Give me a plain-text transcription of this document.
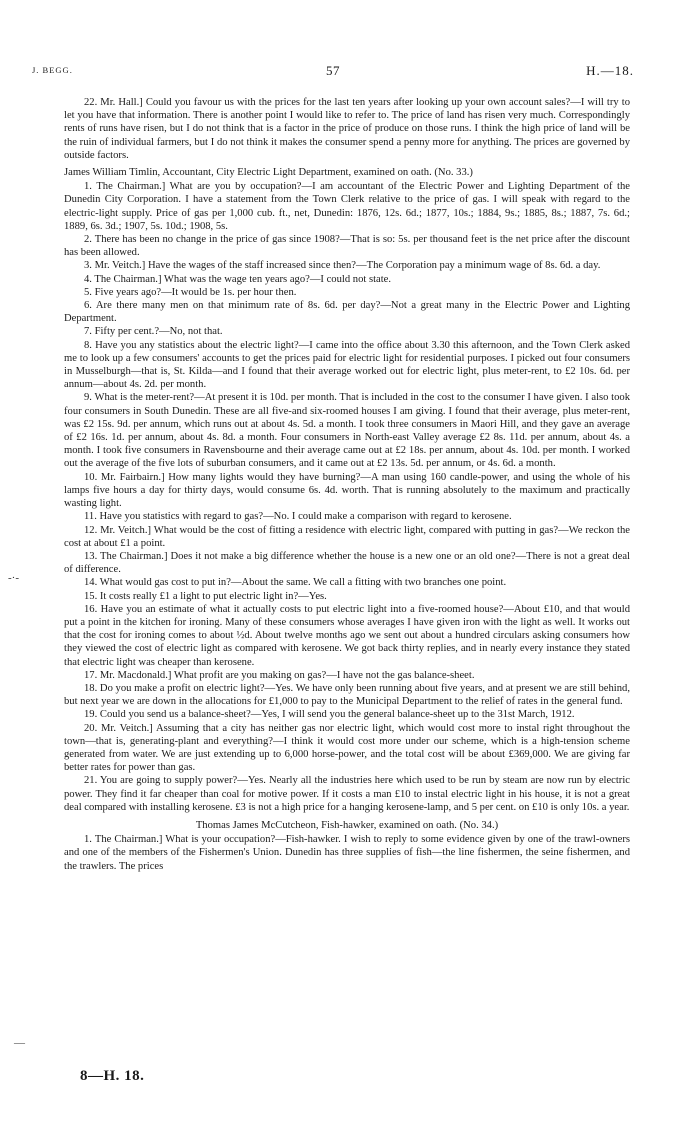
J. BEGG.	57	H.—18.
-·-
—

22. Mr. Hall.] Could you favour us with the prices for the last ten years after looking up your own account sales?—I will try to let you have that information. There is another point I would like to refer to. The price of land has risen very much. Correspondingly rents of runs have risen, but I do not think that is a factor in the price of produce on those runs. I think the high price of land will be the ruin of individual farmers, but I do not think it makes the consumer spend a penny more for anything. The prices are governed by outside factors.

James William Timlin, Accountant, City Electric Light Department, examined on oath. (No. 33.)

1. The Chairman.] What are you by occupation?—I am accountant of the Electric Power and Lighting Department of the Dunedin City Corporation. I have a statement from the Town Clerk relative to the price of gas. I will speak with regard to the electric-light supply. Price of gas per 1,000 cub. ft., net, Dunedin: 1876, 12s. 6d.; 1877, 10s.; 1884, 9s.; 1885, 8s.; 1887, 7s. 6d.; 1889, 6s. 3d.; 1907, 5s. 10d.; 1908, 5s.

2. There has been no change in the price of gas since 1908?—That is so: 5s. per thousand feet is the net price after the discount has been allowed.

3. Mr. Veitch.] Have the wages of the staff increased since then?—The Corporation pay a minimum wage of 8s. 6d. a day.

4. The Chairman.] What was the wage ten years ago?—I could not state.

5. Five years ago?—It would be 1s. per hour then.

6. Are there many men on that minimum rate of 8s. 6d. per day?—Not a great many in the Electric Power and Lighting Department.

7. Fifty per cent.?—No, not that.

8. Have you any statistics about the electric light?—I came into the office about 3.30 this afternoon, and the Town Clerk asked me to look up a few consumers' accounts to get the prices paid for electric light for residential purposes. I picked out four consumers in Musselburgh—that is, St. Kilda—and I found that their average worked out for electric light, plus meter-rent, to £2 10s. 6d. per annum—about 4s. 2d. per month.

9. What is the meter-rent?—At present it is 10d. per month. That is included in the cost to the consumer I have given. I also took four consumers in South Dunedin. These are all five-and six-roomed houses I am giving. I found that their average, plus meter-rent, was £2 15s. 9d. per annum, which runs out at about 4s. 5d. a month. I took three consumers in Maori Hill, and they gave an average of £2 16s. 1d. per annum, about 4s. 8d. a month. Four consumers in North-east Valley average £2 8s. 11d. per annum, about 4s. a month. I took five consumers in Ravensbourne and their average came out at £2 18s. per annum, about 4s. 10d. per month. I worked out the average of the five lots of suburban consumers, and it came out at £2 13s. 5d. per annum, or 4s. 6d. a month.

10. Mr. Fairbairn.] How many lights would they have burning?—A man using 160 candle-power, and using the whole of his lamps five hours a day for thirty days, would consume 6s. 4d. worth. That is running absolutely to the maximum and practically wasting light.

11. Have you statistics with regard to gas?—No. I could make a comparison with regard to kerosene.

12. Mr. Veitch.] What would be the cost of fitting a residence with electric light, compared with putting in gas?—We reckon the cost at about £1 a point.

13. The Chairman.] Does it not make a big difference whether the house is a new one or an old one?—There is not a great deal of difference.

14. What would gas cost to put in?—About the same. We call a fitting with two branches one point.

15. It costs really £1 a light to put electric light in?—Yes.

16. Have you an estimate of what it actually costs to put electric light into a five-roomed house?—About £10, and that would put a point in the kitchen for ironing. Many of these consumers whose averages I have given iron with the light as well. It works out that the cost for ironing comes to about ½d. About twelve months ago we sent out about a hundred circulars asking consumers how they viewed the cost of electric light as compared with kerosene. We got back thirty replies, and in nearly every instance they stated that electric light was cheaper than kerosene.

17. Mr. Macdonald.] What profit are you making on gas?—I have not the gas balance-sheet.

18. Do you make a profit on electric light?—Yes. We have only been running about five years, and at present we are still behind, but next year we are down in the allocations for £1,000 to pay to the Municipal Department to the relief of rates in the general fund.

19. Could you send us a balance-sheet?—Yes, I will send you the general balance-sheet up to the 31st March, 1912.

20. Mr. Veitch.] Assuming that a city has neither gas nor electric light, which would cost more to instal right throughout the town—that is, generating-plant and everything?—I think it would cost more under our scheme, which is a high-tension scheme generated from water. We are just extending up to 6,000 horse-power, and the total cost will be about £369,000. We are giving far better rates for power than gas.

21. You are going to supply power?—Yes. Nearly all the industries here which used to be run by steam are now run by electric power. They find it far cheaper than coal for motive power. If it costs a man £10 to instal electric light in his house, it is not a great deal compared with installing kerosene. £3 is not a high price for a hanging kerosene-lamp, and 5 per cent. on £10 is only 10s. a year.

Thomas James McCutcheon, Fish-hawker, examined on oath. (No. 34.)

1. The Chairman.] What is your occupation?—Fish-hawker. I wish to reply to some evidence given by one of the trawl-owners and one of the members of the Fishermen's Union. Dunedin has three supplies of fish—the line fishermen, the seine fishermen, and the trawlers. The prices

8—H. 18.
